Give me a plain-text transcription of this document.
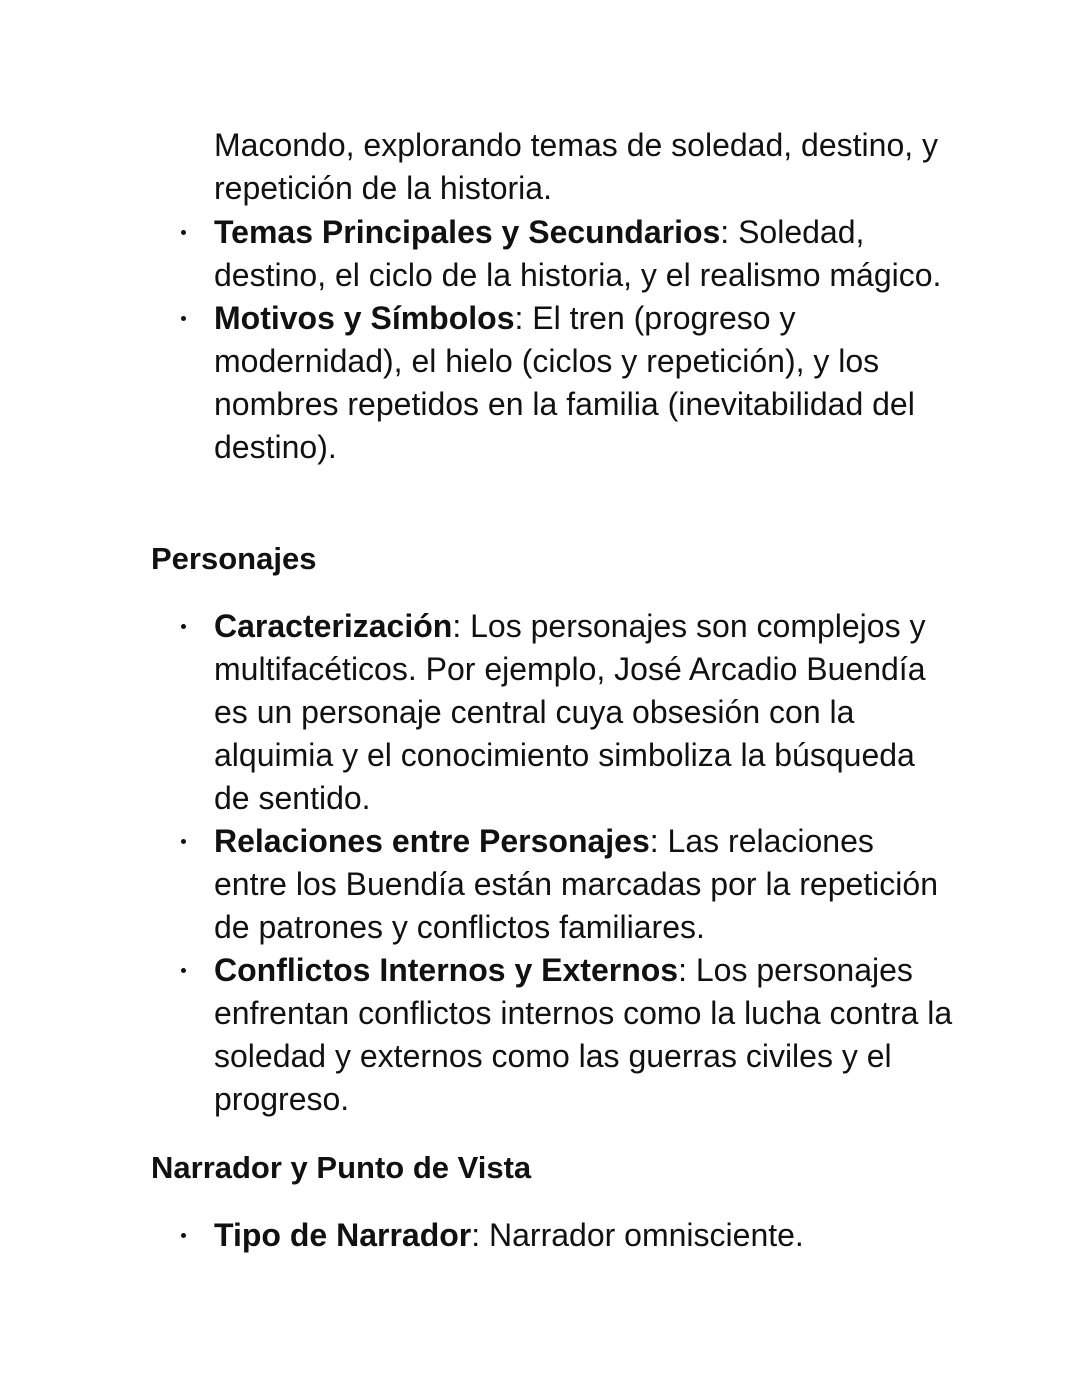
Macondo, explorando temas de soledad, destino, y repetición de la historia.
Temas Principales y Secundarios: Soledad, destino, el ciclo de la historia, y el realismo mágico.
Motivos y Símbolos: El tren (progreso y modernidad), el hielo (ciclos y repetición), y los nombres repetidos en la familia (inevitabilidad del destino).
Personajes
Caracterización: Los personajes son complejos y multifacéticos. Por ejemplo, José Arcadio Buendía es un personaje central cuya obsesión con la alquimia y el conocimiento simboliza la búsqueda de sentido.
Relaciones entre Personajes: Las relaciones entre los Buendía están marcadas por la repetición de patrones y conflictos familiares.
Conflictos Internos y Externos: Los personajes enfrentan conflictos internos como la lucha contra la soledad y externos como las guerras civiles y el progreso.
Narrador y Punto de Vista
Tipo de Narrador: Narrador omnisciente.
